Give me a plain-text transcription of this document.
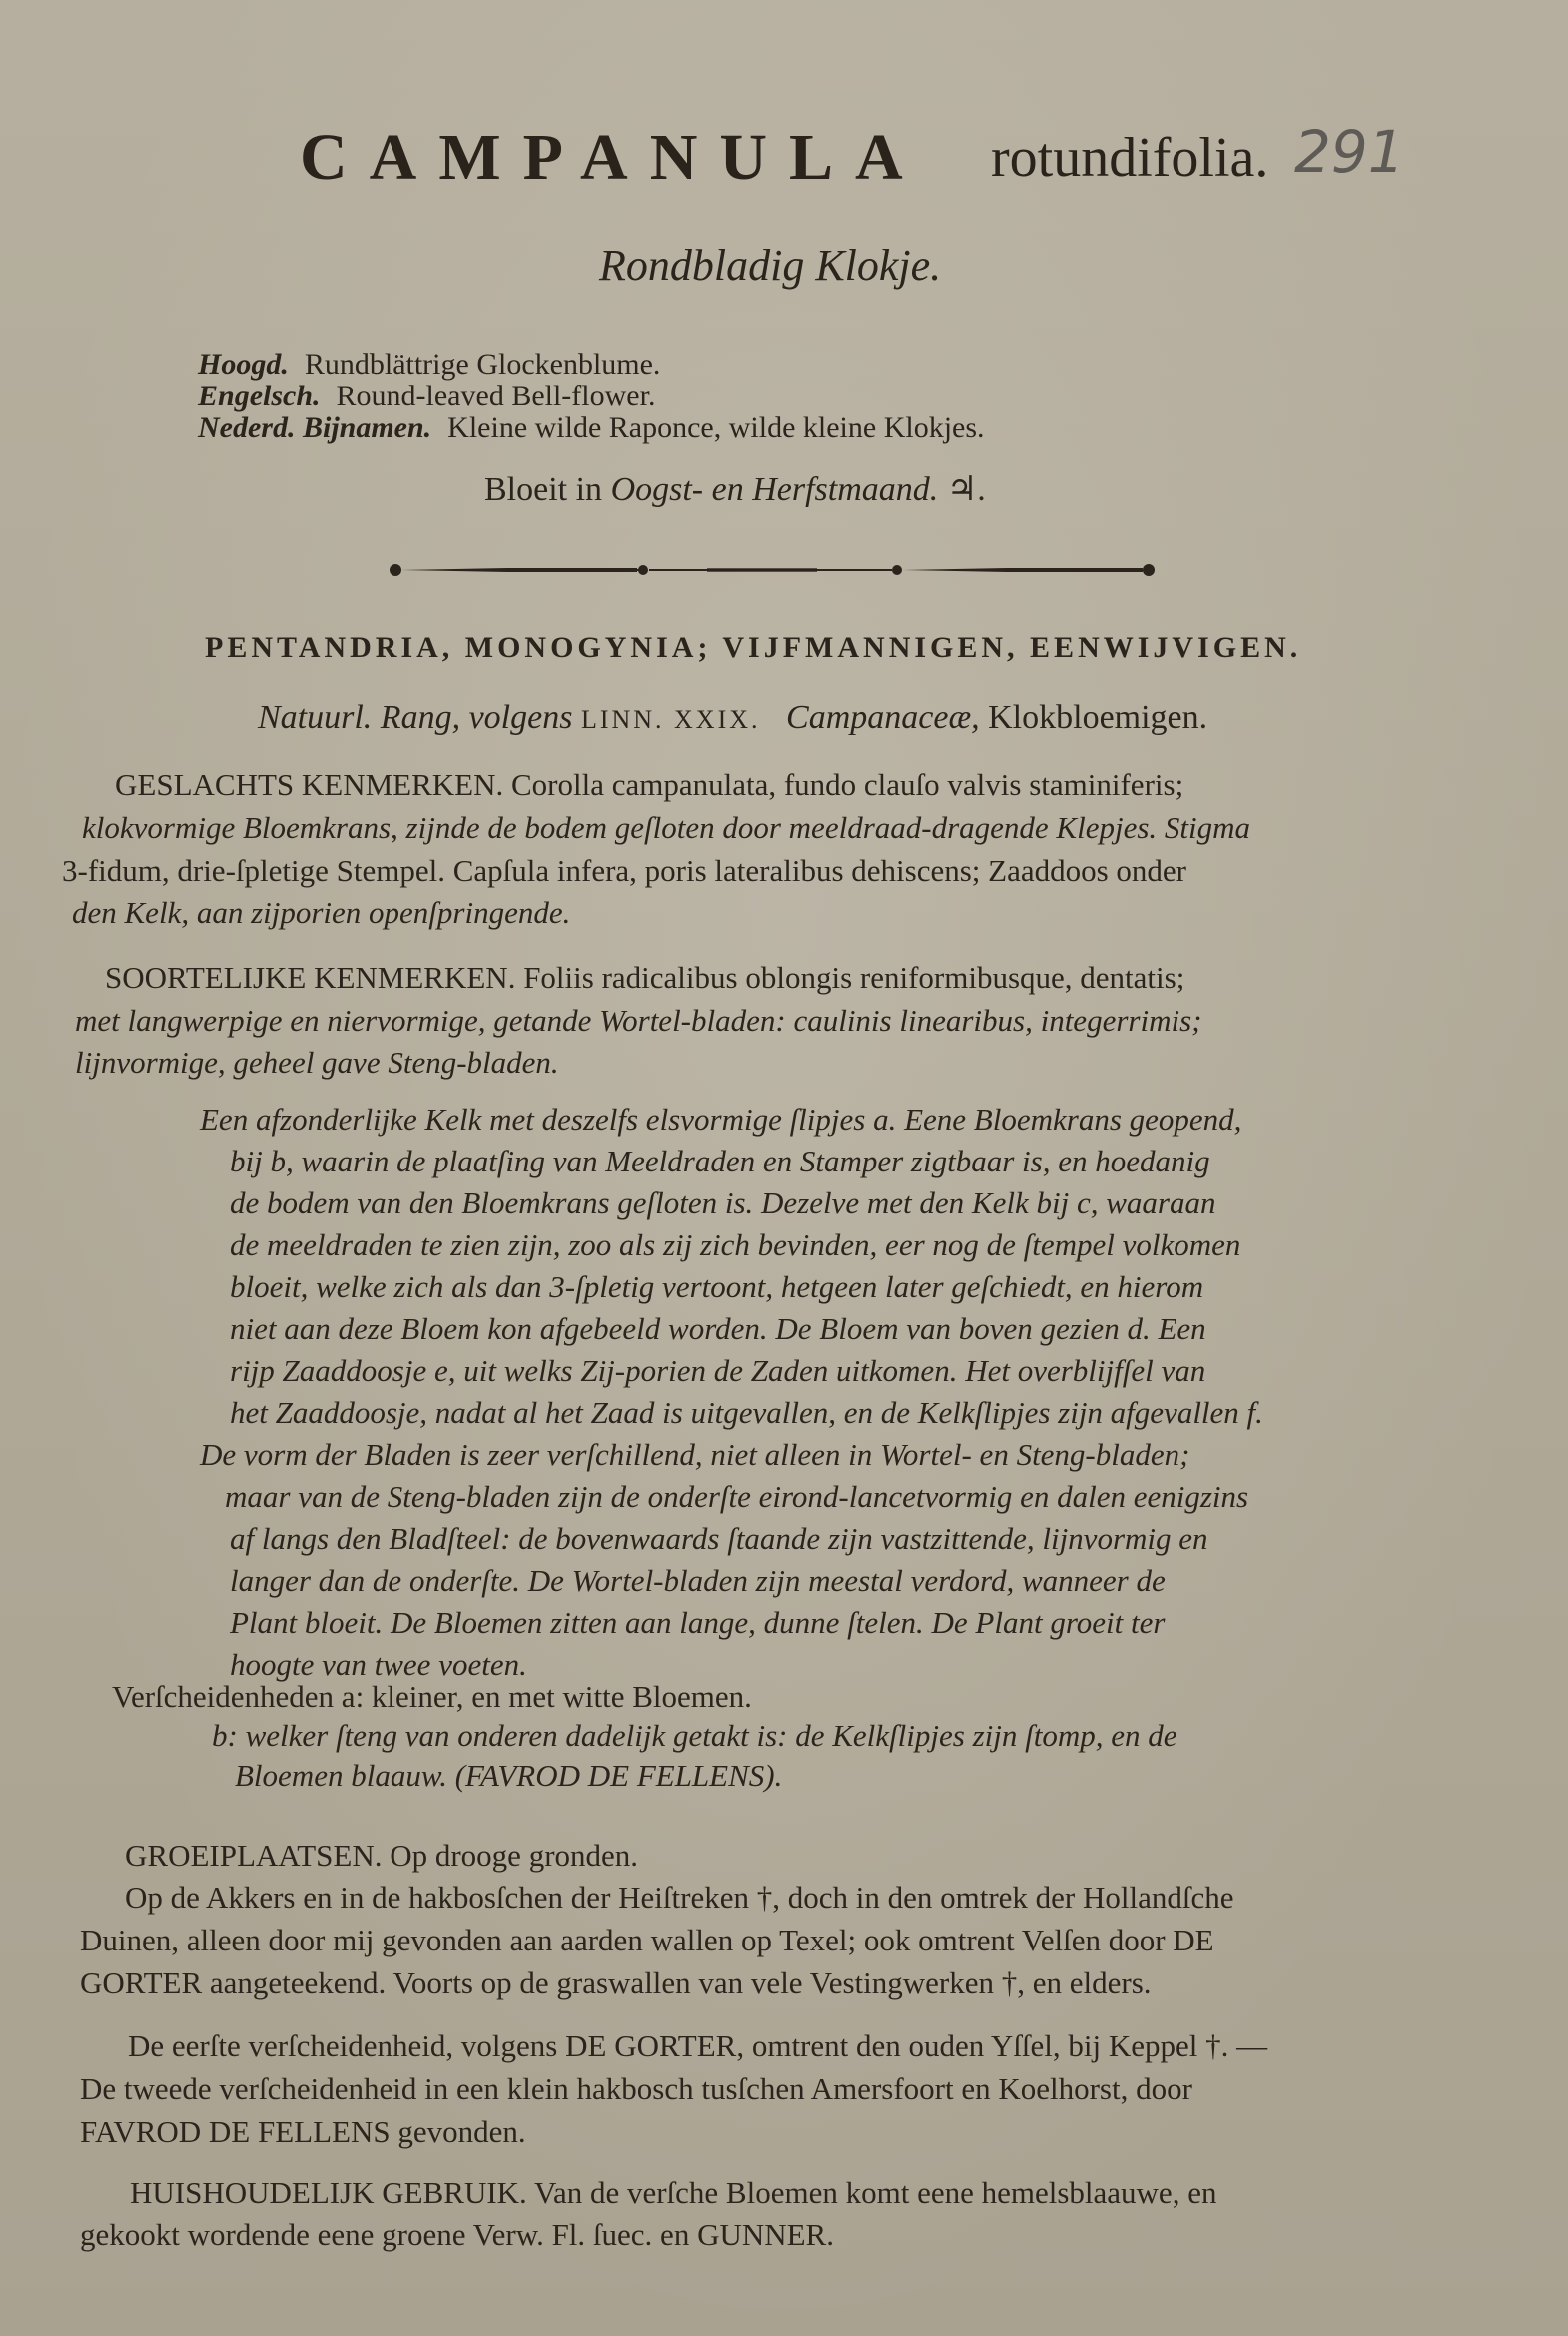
CAMPANULA rotundifolia. 291
Rondbladig Klokje.
Hoogd. Rundblättrige Glockenblume.
Engelsch. Round-leaved Bell-flower.
Nederd. Bijnamen. Kleine wilde Raponce, wilde kleine Klokjes.
Bloeit in Oogst- en Herfstmaand. ♃.
PENTANDRIA, MONOGYNIA; VIJFMANNIGEN, EENWIJVIGEN.
Natuurl. Rang, volgens LINN. XXIX. Campanaceæ, Klokbloemigen.
GESLACHTS KENMERKEN. Corolla campanulata, fundo clauſo valvis staminiferis;
klokvormige Bloemkrans, zijnde de bodem geſloten door meeldraad-dragende Klepjes. Stigma
3-fidum, drie-ſpletige Stempel. Capſula infera, poris lateralibus dehiscens; Zaaddoos onder
den Kelk, aan zijporien openſpringende.
SOORTELIJKE KENMERKEN. Foliis radicalibus oblongis reniformibusque, dentatis;
met langwerpige en niervormige, getande Wortel-bladen: caulinis linearibus, integerrimis;
lijnvormige, geheel gave Steng-bladen.
Een afzonderlijke Kelk met deszelfs elsvormige ſlipjes a. Eene Bloemkrans geopend,
bij b, waarin de plaatſing van Meeldraden en Stamper zigtbaar is, en hoedanig
de bodem van den Bloemkrans geſloten is. Dezelve met den Kelk bij c, waaraan
de meeldraden te zien zijn, zoo als zij zich bevinden, eer nog de ſtempel volkomen
bloeit, welke zich als dan 3-ſpletig vertoont, hetgeen later geſchiedt, en hierom
niet aan deze Bloem kon afgebeeld worden. De Bloem van boven gezien d. Een
rijp Zaaddoosje e, uit welks Zij-porien de Zaden uitkomen. Het overblijfſel van
het Zaaddoosje, nadat al het Zaad is uitgevallen, en de Kelkſlipjes zijn afgevallen f.
De vorm der Bladen is zeer verſchillend, niet alleen in Wortel- en Steng-bladen;
maar van de Steng-bladen zijn de onderſte eirond-lancetvormig en dalen eenigzins
af langs den Bladſteel: de bovenwaards ſtaande zijn vastzittende, lijnvormig en
langer dan de onderſte. De Wortel-bladen zijn meestal verdord, wanneer de
Plant bloeit. De Bloemen zitten aan lange, dunne ſtelen. De Plant groeit ter
hoogte van twee voeten.
Verſcheidenheden a: kleiner, en met witte Bloemen.
b: welker ſteng van onderen dadelijk getakt is: de Kelkſlipjes zijn ſtomp, en de
Bloemen blaauw. (FAVROD DE FELLENS).
GROEIPLAATSEN. Op drooge gronden.
Op de Akkers en in de hakbosſchen der Heiſtreken †, doch in den omtrek der Hollandſche
Duinen, alleen door mij gevonden aan aarden wallen op Texel; ook omtrent Velſen door DE
GORTER aangeteekend. Voorts op de graswallen van vele Vestingwerken †, en elders.
De eerſte verſcheidenheid, volgens DE GORTER, omtrent den ouden Yſſel, bij Keppel †. —
De tweede verſcheidenheid in een klein hakbosch tusſchen Amersfoort en Koelhorst, door
FAVROD DE FELLENS gevonden.
HUISHOUDELIJK GEBRUIK. Van de verſche Bloemen komt eene hemelsblaauwe, en
gekookt wordende eene groene Verw. Fl. ſuec. en GUNNER.
